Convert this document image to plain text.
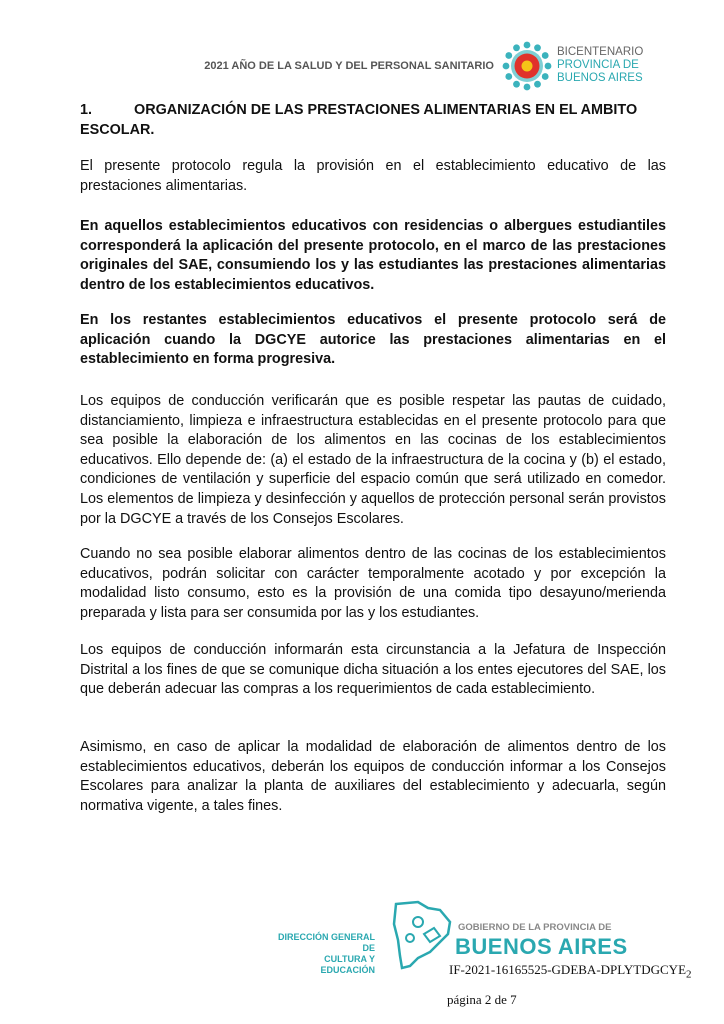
2021 AÑO DE LA SALUD Y DEL PERSONAL SANITARIO
BICENTENARIO
PROVINCIA DE
BUENOS AIRES
1.	ORGANIZACIÓN DE LAS PRESTACIONES ALIMENTARIAS EN EL AMBITO ESCOLAR.
El presente protocolo regula la provisión en el establecimiento educativo de las prestaciones alimentarias.
En aquellos establecimientos educativos con residencias o albergues estudiantiles corresponderá la aplicación del presente protocolo, en el marco de las prestaciones originales del SAE, consumiendo los y las estudiantes las prestaciones alimentarias dentro de los establecimientos educativos.
En los restantes establecimientos educativos el presente protocolo será de aplicación cuando la DGCYE autorice las prestaciones alimentarias en el establecimiento en forma progresiva.
Los equipos de conducción verificarán que es posible respetar las pautas de cuidado, distanciamiento, limpieza e infraestructura establecidas en el presente protocolo para que sea posible la elaboración de los alimentos en las cocinas de los establecimientos educativos. Ello depende de: (a) el estado de la infraestructura de la cocina y (b) el estado, condiciones de ventilación y superficie del espacio común que será utilizado en comedor. Los elementos de limpieza y desinfección y aquellos de protección personal serán provistos por la DGCYE a través de los Consejos Escolares.
Cuando no sea posible elaborar alimentos dentro de las cocinas de los establecimientos educativos, podrán solicitar con carácter temporalmente acotado y por excepción la modalidad listo consumo, esto es la provisión de una comida tipo desayuno/merienda preparada y lista para ser consumida por las y los estudiantes.
Los equipos de conducción informarán esta circunstancia a la Jefatura de Inspección Distrital a los fines de que se comunique dicha situación a los entes ejecutores del SAE, los que deberán adecuar las compras a los requerimientos de cada establecimiento.
Asimismo, en caso de aplicar la modalidad de elaboración de alimentos dentro de los establecimientos educativos, deberán los equipos de conducción informar a los Consejos Escolares para analizar la planta de auxiliares del establecimiento y adecuarla, según normativa vigente, a tales fines.
DIRECCIÓN GENERAL DE
CULTURA Y EDUCACIÓN
GOBIERNO DE LA PROVINCIA DE
BUENOS AIRES
$IF-2021-16165525-GDEBA-DPLYTDGCYE_2$
página 2 de 7
